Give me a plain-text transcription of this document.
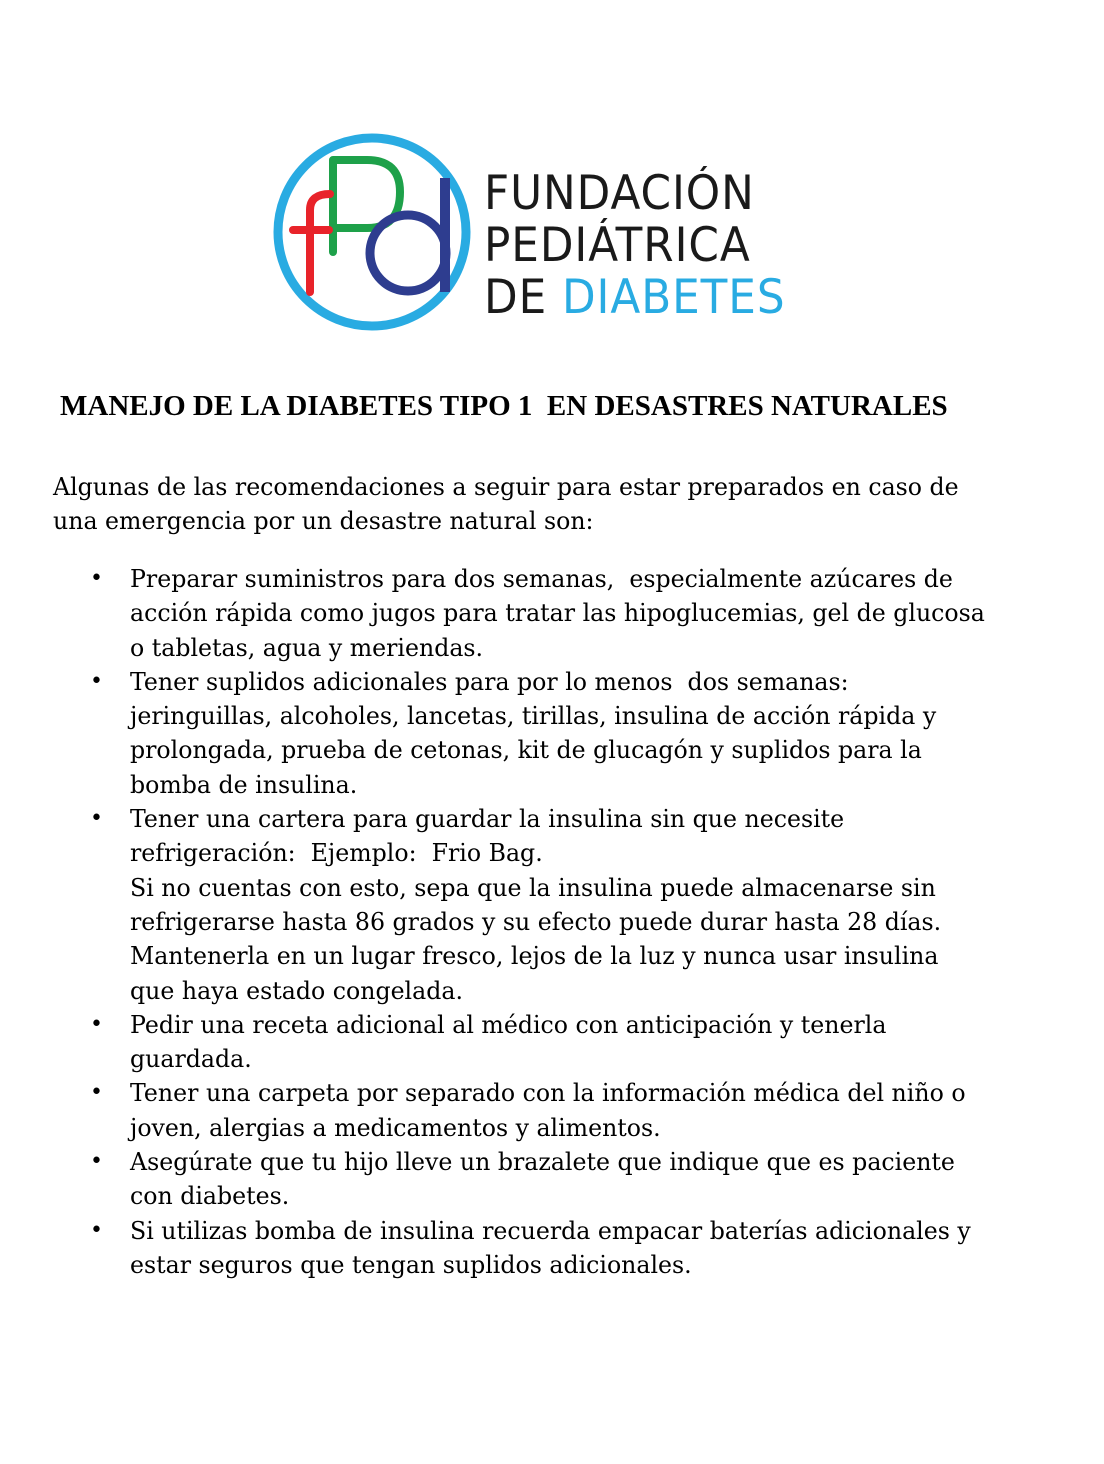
FUNDACIÓN
PEDIÁTRICA
DE DIABETES
MANEJO DE LA DIABETES TIPO 1  EN DESASTRES NATURALES
Algunas de las recomendaciones a seguir para estar preparados en caso de
una emergencia por un desastre natural son:
• Preparar suministros para dos semanas,  especialmente azúcares de
acción rápida como jugos para tratar las hipoglucemias, gel de glucosa
o tabletas, agua y meriendas.
• Tener suplidos adicionales para por lo menos  dos semanas:
jeringuillas, alcoholes, lancetas, tirillas, insulina de acción rápida y
prolongada, prueba de cetonas, kit de glucagón y suplidos para la
bomba de insulina.
• Tener una cartera para guardar la insulina sin que necesite
refrigeración:  Ejemplo:  Frio Bag.
Si no cuentas con esto, sepa que la insulina puede almacenarse sin
refrigerarse hasta 86 grados y su efecto puede durar hasta 28 días.
Mantenerla en un lugar fresco, lejos de la luz y nunca usar insulina
que haya estado congelada.
• Pedir una receta adicional al médico con anticipación y tenerla
guardada.
• Tener una carpeta por separado con la información médica del niño o
joven, alergias a medicamentos y alimentos.
• Asegúrate que tu hijo lleve un brazalete que indique que es paciente
con diabetes.
• Si utilizas bomba de insulina recuerda empacar baterías adicionales y
estar seguros que tengan suplidos adicionales.
